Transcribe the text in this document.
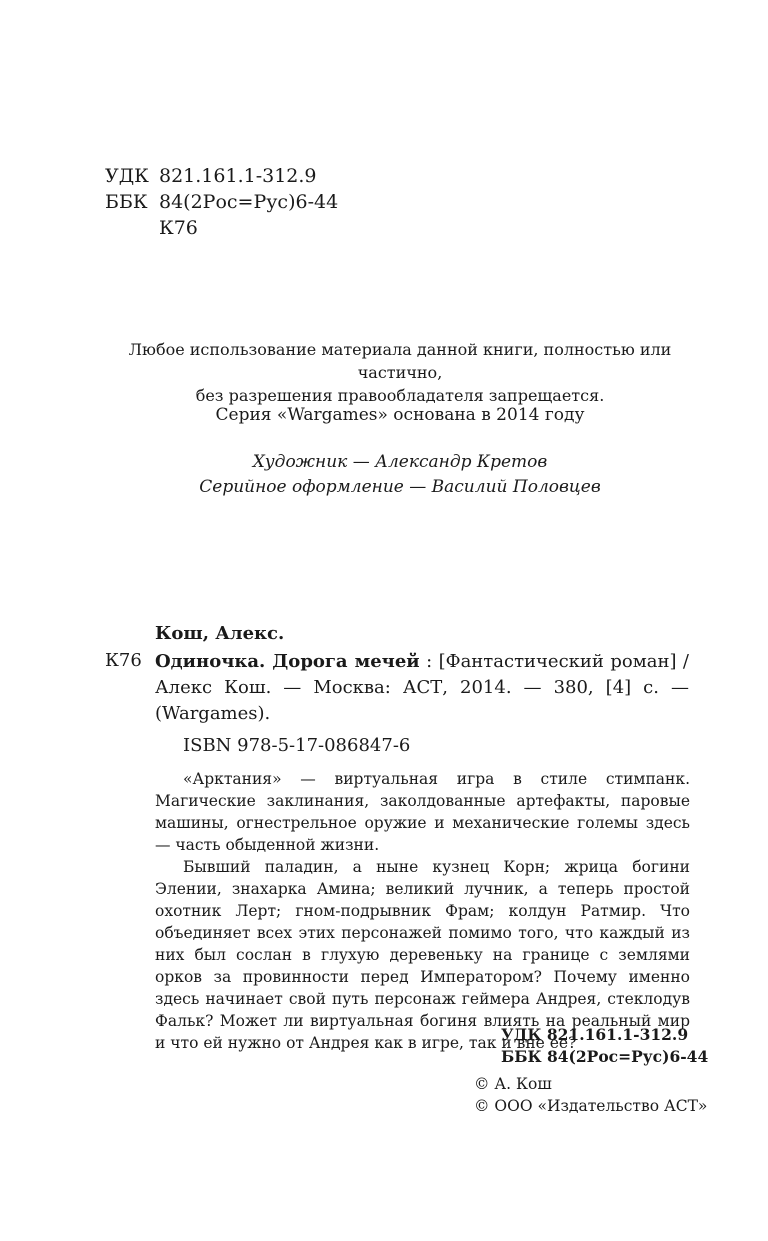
УДК 821.161.1-312.9
ББК 84(2Рос=Рус)6-44
К76
Любое использование материала данной книги, полностью или частично,
без разрешения правообладателя запрещается.
Серия «Wargames» основана в 2014 году
Художник — Александр Кретов
Серийное оформление — Василий Половцев
Кош, Алекс.
К76 Одиночка. Дорога мечей : [Фантастический роман] / Алекс Кош. — Москва: АСТ, 2014. — 380, [4] с. — (Wargames).
ISBN 978-5-17-086847-6

«Арктания» — виртуальная игра в стиле стимпанк. Магические заклинания, заколдованные артефакты, паровые машины, огнестрельное оружие и механические големы здесь — часть обыденной жизни.

Бывший паладин, а ныне кузнец Корн; жрица богини Элении, знахарка Амина; великий лучник, а теперь простой охотник Лерт; гном-подрывник Фрам; колдун Ратмир. Что объединяет всех этих персонажей помимо того, что каждый из них был сослан в глухую деревеньку на границе с землями орков за провинности перед Императором? Почему именно здесь начинает свой путь персонаж геймера Андрея, стеклодув Фальк? Может ли виртуальная богиня влиять на реальный мир и что ей нужно от Андрея как в игре, так и вне ее?

УДК 821.161.1-312.9
ББК 84(2Рос=Рус)6-44
© А. Кош
© ООО «Издательство АСТ»
